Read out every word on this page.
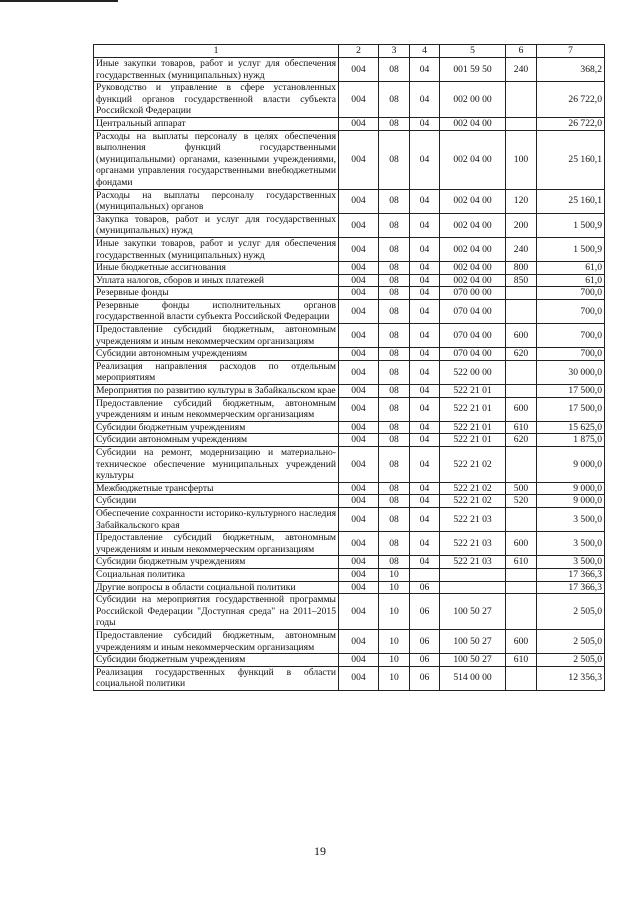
1	2	3	4	5	6	7
Иные закупки товаров, работ и услуг для обеспечения государственных (муниципальных) нужд	004	08	04	001 59 50	240	368,2
Руководство и управление в сфере установленных функций органов государственной власти субъекта Российской Федерации	004	08	04	002 00 00		26 722,0
Центральный аппарат	004	08	04	002 04 00		26 722,0
Расходы на выплаты персоналу в целях обеспечения выполнения функций государственными (муниципальными) органами, казенными учреждениями, органами управления государственными внебюджетными фондами	004	08	04	002 04 00	100	25 160,1
Расходы на выплаты персоналу государственных (муниципальных) органов	004	08	04	002 04 00	120	25 160,1
Закупка товаров, работ и услуг для государственных (муниципальных) нужд	004	08	04	002 04 00	200	1 500,9
Иные закупки товаров, работ и услуг для обеспечения государственных (муниципальных) нужд	004	08	04	002 04 00	240	1 500,9
Иные бюджетные ассигнования	004	08	04	002 04 00	800	61,0
Уплата налогов, сборов и иных платежей	004	08	04	002 04 00	850	61,0
Резервные фонды	004	08	04	070 00 00		700,0
Резервные фонды исполнительных органов государственной власти субъекта Российской Федерации	004	08	04	070 04 00		700,0
Предоставление субсидий бюджетным, автономным учреждениям и иным некоммерческим организациям	004	08	04	070 04 00	600	700,0
Субсидии автономным учреждениям	004	08	04	070 04 00	620	700,0
Реализация направления расходов по отдельным мероприятиям	004	08	04	522 00 00		30 000,0
Мероприятия по развитию культуры в Забайкальском крае	004	08	04	522 21 01		17 500,0
Предоставление субсидий бюджетным, автономным учреждениям и иным некоммерческим организациям	004	08	04	522 21 01	600	17 500,0
Субсидии бюджетным учреждениям	004	08	04	522 21 01	610	15 625,0
Субсидии автономным учреждениям	004	08	04	522 21 01	620	1 875,0
Субсидии на ремонт, модернизацию и материально-техническое обеспечение муниципальных учреждений культуры	004	08	04	522 21 02		9 000,0
Межбюджетные трансферты	004	08	04	522 21 02	500	9 000,0
Субсидии	004	08	04	522 21 02	520	9 000,0
Обеспечение сохранности историко-культурного наследия Забайкальского края	004	08	04	522 21 03		3 500,0
Предоставление субсидий бюджетным, автономным учреждениям и иным некоммерческим организациям	004	08	04	522 21 03	600	3 500,0
Субсидии бюджетным учреждениям	004	08	04	522 21 03	610	3 500,0
Социальная политика	004	10				17 366,3
Другие вопросы в области социальной политики	004	10	06			17 366,3
Субсидии на мероприятия государственной программы Российской Федерации "Доступная среда" на 2011–2015 годы	004	10	06	100 50 27		2 505,0
Предоставление субсидий бюджетным, автономным учреждениям и иным некоммерческим организациям	004	10	06	100 50 27	600	2 505,0
Субсидии бюджетным учреждениям	004	10	06	100 50 27	610	2 505,0
Реализация государственных функций в области социальной политики	004	10	06	514 00 00		12 356,3
19
